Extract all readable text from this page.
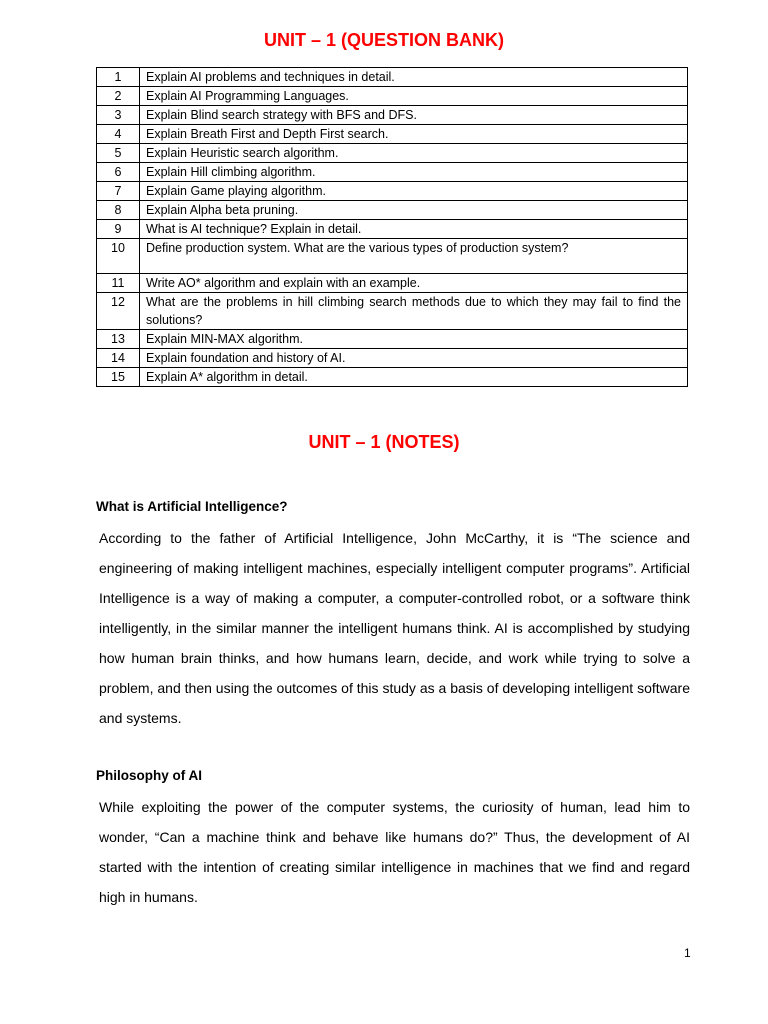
UNIT – 1 (QUESTION BANK)
1	Explain AI problems and techniques in detail.
2	Explain AI Programming Languages.
3	Explain Blind search strategy with BFS and DFS.
4	Explain Breath First and Depth First search.
5	Explain Heuristic search algorithm.
6	Explain Hill climbing algorithm.
7	Explain Game playing algorithm.
8	Explain Alpha beta pruning.
9	What is AI technique? Explain in detail.
10	Define production system. What are the various types of production system?
11	Write AO* algorithm and explain with an example.
12	What are the problems in hill climbing search methods due to which they may fail to find the solutions?
13	Explain MIN-MAX algorithm.
14	Explain foundation and history of AI.
15	Explain A* algorithm in detail.
UNIT – 1 (NOTES)
What is Artificial Intelligence?

According to the father of Artificial Intelligence, John McCarthy, it is “The science and engineering of making intelligent machines, especially intelligent computer programs”. Artificial Intelligence is a way of making a computer, a computer-controlled robot, or a software think intelligently, in the similar manner the intelligent humans think. AI is accomplished by studying how human brain thinks, and how humans learn, decide, and work while trying to solve a problem, and then using the outcomes of this study as a basis of developing intelligent software and systems.

Philosophy of AI

While exploiting the power of the computer systems, the curiosity of human, lead him to wonder, “Can a machine think and behave like humans do?” Thus, the development of AI started with the intention of creating similar intelligence in machines that we find and regard high in humans.

1
